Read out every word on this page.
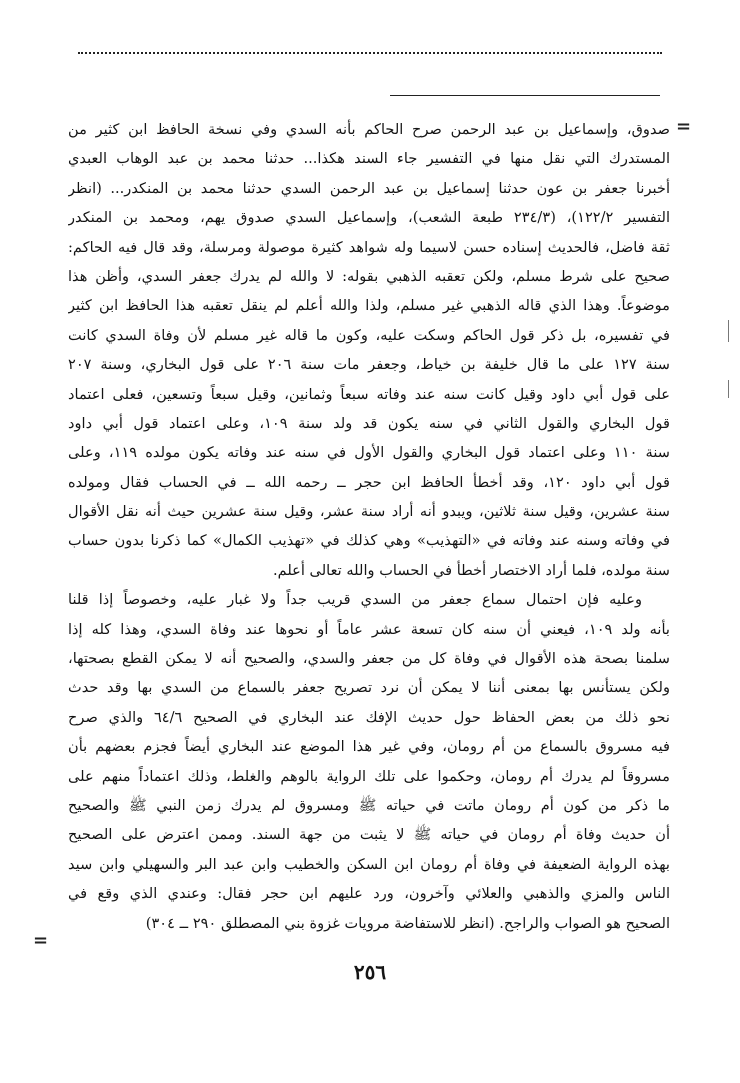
=
صدوق، وإسماعيل بن عبد الرحمن صرح الحاكم بأنه السدي وفي نسخة الحافظ ابن كثير من
المستدرك التي نقل منها في التفسير جاء السند هكذا... حدثنا محمد بن عبد الوهاب العبدي
أخبرنا جعفر بن عون حدثنا إسماعيل بن عبد الرحمن السدي حدثنا محمد بن المنكدر... (انظر
التفسير ١٢٢/٢)، (٢٣٤/٣ طبعة الشعب)، وإسماعيل السدي صدوق يهم، ومحمد بن المنكدر
ثقة فاضل، فالحديث إسناده حسن لاسيما وله شواهد كثيرة موصولة ومرسلة، وقد قال فيه الحاكم:
صحيح على شرط مسلم، ولكن تعقبه الذهبي بقوله: لا والله لم يدرك جعفر السدي، وأظن هذا
موضوعاً. وهذا الذي قاله الذهبي غير مسلم، ولذا والله أعلم لم ينقل تعقبه هذا الحافظ ابن كثير
في تفسيره، بل ذكر قول الحاكم وسكت عليه، وكون ما قاله غير مسلم لأن وفاة السدي كانت
سنة ١٢٧ على ما قال خليفة بن خياط، وجعفر مات سنة ٢٠٦ على قول البخاري، وسنة ٢٠٧
على قول أبي داود وقيل كانت سنه عند وفاته سبعاً وثمانين، وقيل سبعاً وتسعين، فعلى اعتماد
قول البخاري والقول الثاني في سنه يكون قد ولد سنة ١٠٩، وعلى اعتماد قول أبي داود
سنة ١١٠ وعلى اعتماد قول البخاري والقول الأول في سنه عند وفاته يكون مولده ١١٩، وعلى
قول أبي داود ١٢٠، وقد أخطأ الحافظ ابن حجر ــ رحمه الله ــ في الحساب فقال ومولده
سنة عشرين، وقيل سنة ثلاثين، ويبدو أنه أراد سنة عشر، وقيل سنة عشرين حيث أنه نقل الأقوال
في وفاته وسنه عند وفاته في «التهذيب» وهي كذلك في «تهذيب الكمال» كما ذكرنا بدون حساب
سنة مولده، فلما أراد الاختصار أخطأ في الحساب والله تعالى أعلم.
وعليه فإن احتمال سماع جعفر من السدي قريب جداً ولا غبار عليه، وخصوصاً إذا قلنا
بأنه ولد ١٠٩، فيعني أن سنه كان تسعة عشر عاماً أو نحوها عند وفاة السدي، وهذا كله إذا
سلمنا بصحة هذه الأقوال في وفاة كل من جعفر والسدي، والصحيح أنه لا يمكن القطع بصحتها،
ولكن يستأنس بها بمعنى أننا لا يمكن أن نرد تصريح جعفر بالسماع من السدي بها وقد حدث
نحو ذلك من بعض الحفاظ حول حديث الإفك عند البخاري في الصحيح ٦٤/٦ والذي صرح
فيه مسروق بالسماع من أم رومان، وفي غير هذا الموضع عند البخاري أيضاً فجزم بعضهم بأن
مسروقاً لم يدرك أم رومان، وحكموا على تلك الرواية بالوهم والغلط، وذلك اعتماداً منهم على
ما ذكر من كون أم رومان ماتت في حياته ﷺ ومسروق لم يدرك زمن النبي ﷺ والصحيح
أن حديث وفاة أم رومان في حياته ﷺ لا يثبت من جهة السند. وممن اعترض على الصحيح
بهذه الرواية الضعيفة في وفاة أم رومان ابن السكن والخطيب وابن عبد البر والسهيلي وابن سيد
الناس والمزي والذهبي والعلائي وآخرون، ورد عليهم ابن حجر فقال: وعندي الذي وقع في
الصحيح هو الصواب والراجح. (انظر للاستفاضة مرويات غزوة بني المصطلق ٢٩٠ ــ ٣٠٤)
=
٢٥٦
